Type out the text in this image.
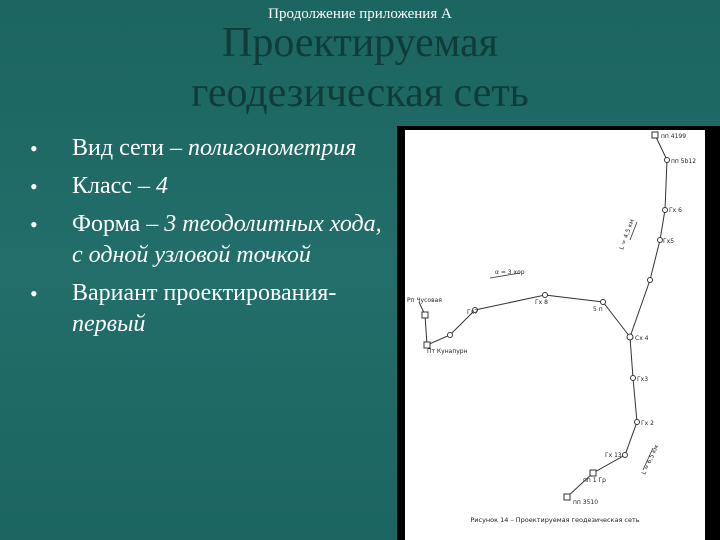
Продолжение приложения А
Проектируемая
геодезическая сеть
•	Вид сети – полигонометрия
•	Класс – 4
•	Форма – 3 теодолитных хода, с одной узловой точкой
•	Вариант проектирования- первый
пп 4199
пп 5b12
Гх 6
Гх5
Рп Чусовая
Пт Кунапурн
Гх7
Гх 8
5 п
Сх 4
Гх3
Гх 2
Гх 13
пп 1 Гр
пп 3510
α = 3 хор
L = 4,5 км
L = 6,5 км
Рисунок 14 – Проектируемая геодезическая сеть
